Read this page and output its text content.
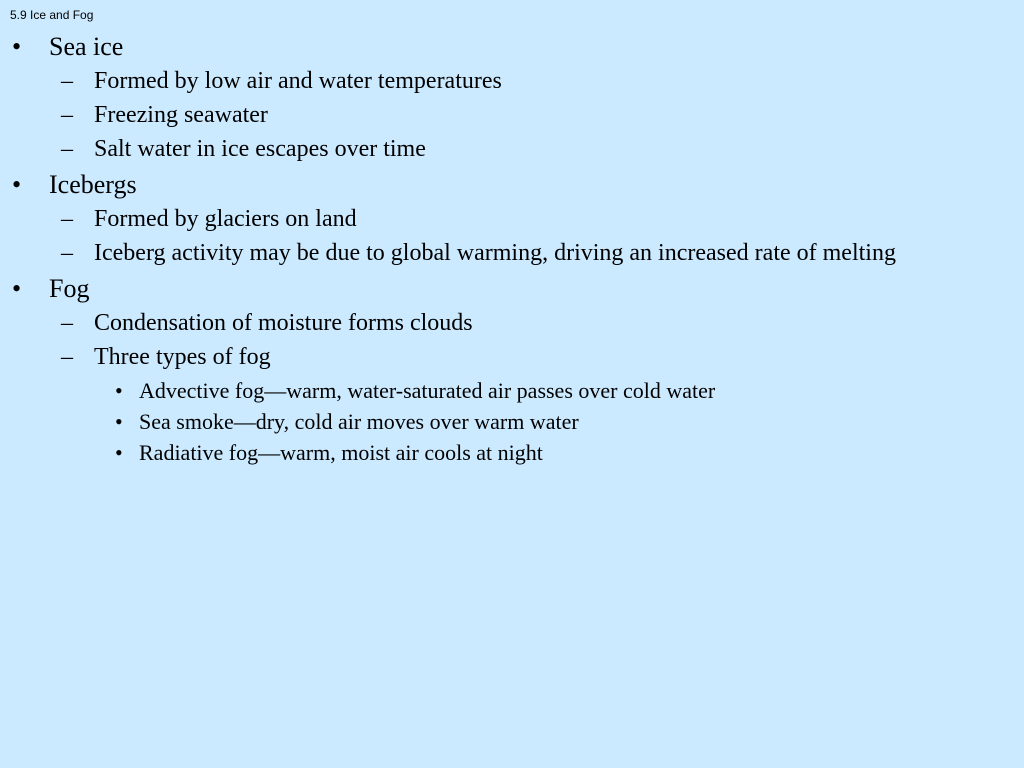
5.9 Ice and Fog
• Sea ice
– Formed by low air and water temperatures
– Freezing seawater
– Salt water in ice escapes over time
• Icebergs
– Formed by glaciers on land
– Iceberg activity may be due to global warming, driving an increased rate of melting
• Fog
– Condensation of moisture forms clouds
– Three types of fog
• Advective fog—warm, water-saturated air passes over cold water
• Sea smoke—dry, cold air moves over warm water
• Radiative fog—warm, moist air cools at night
